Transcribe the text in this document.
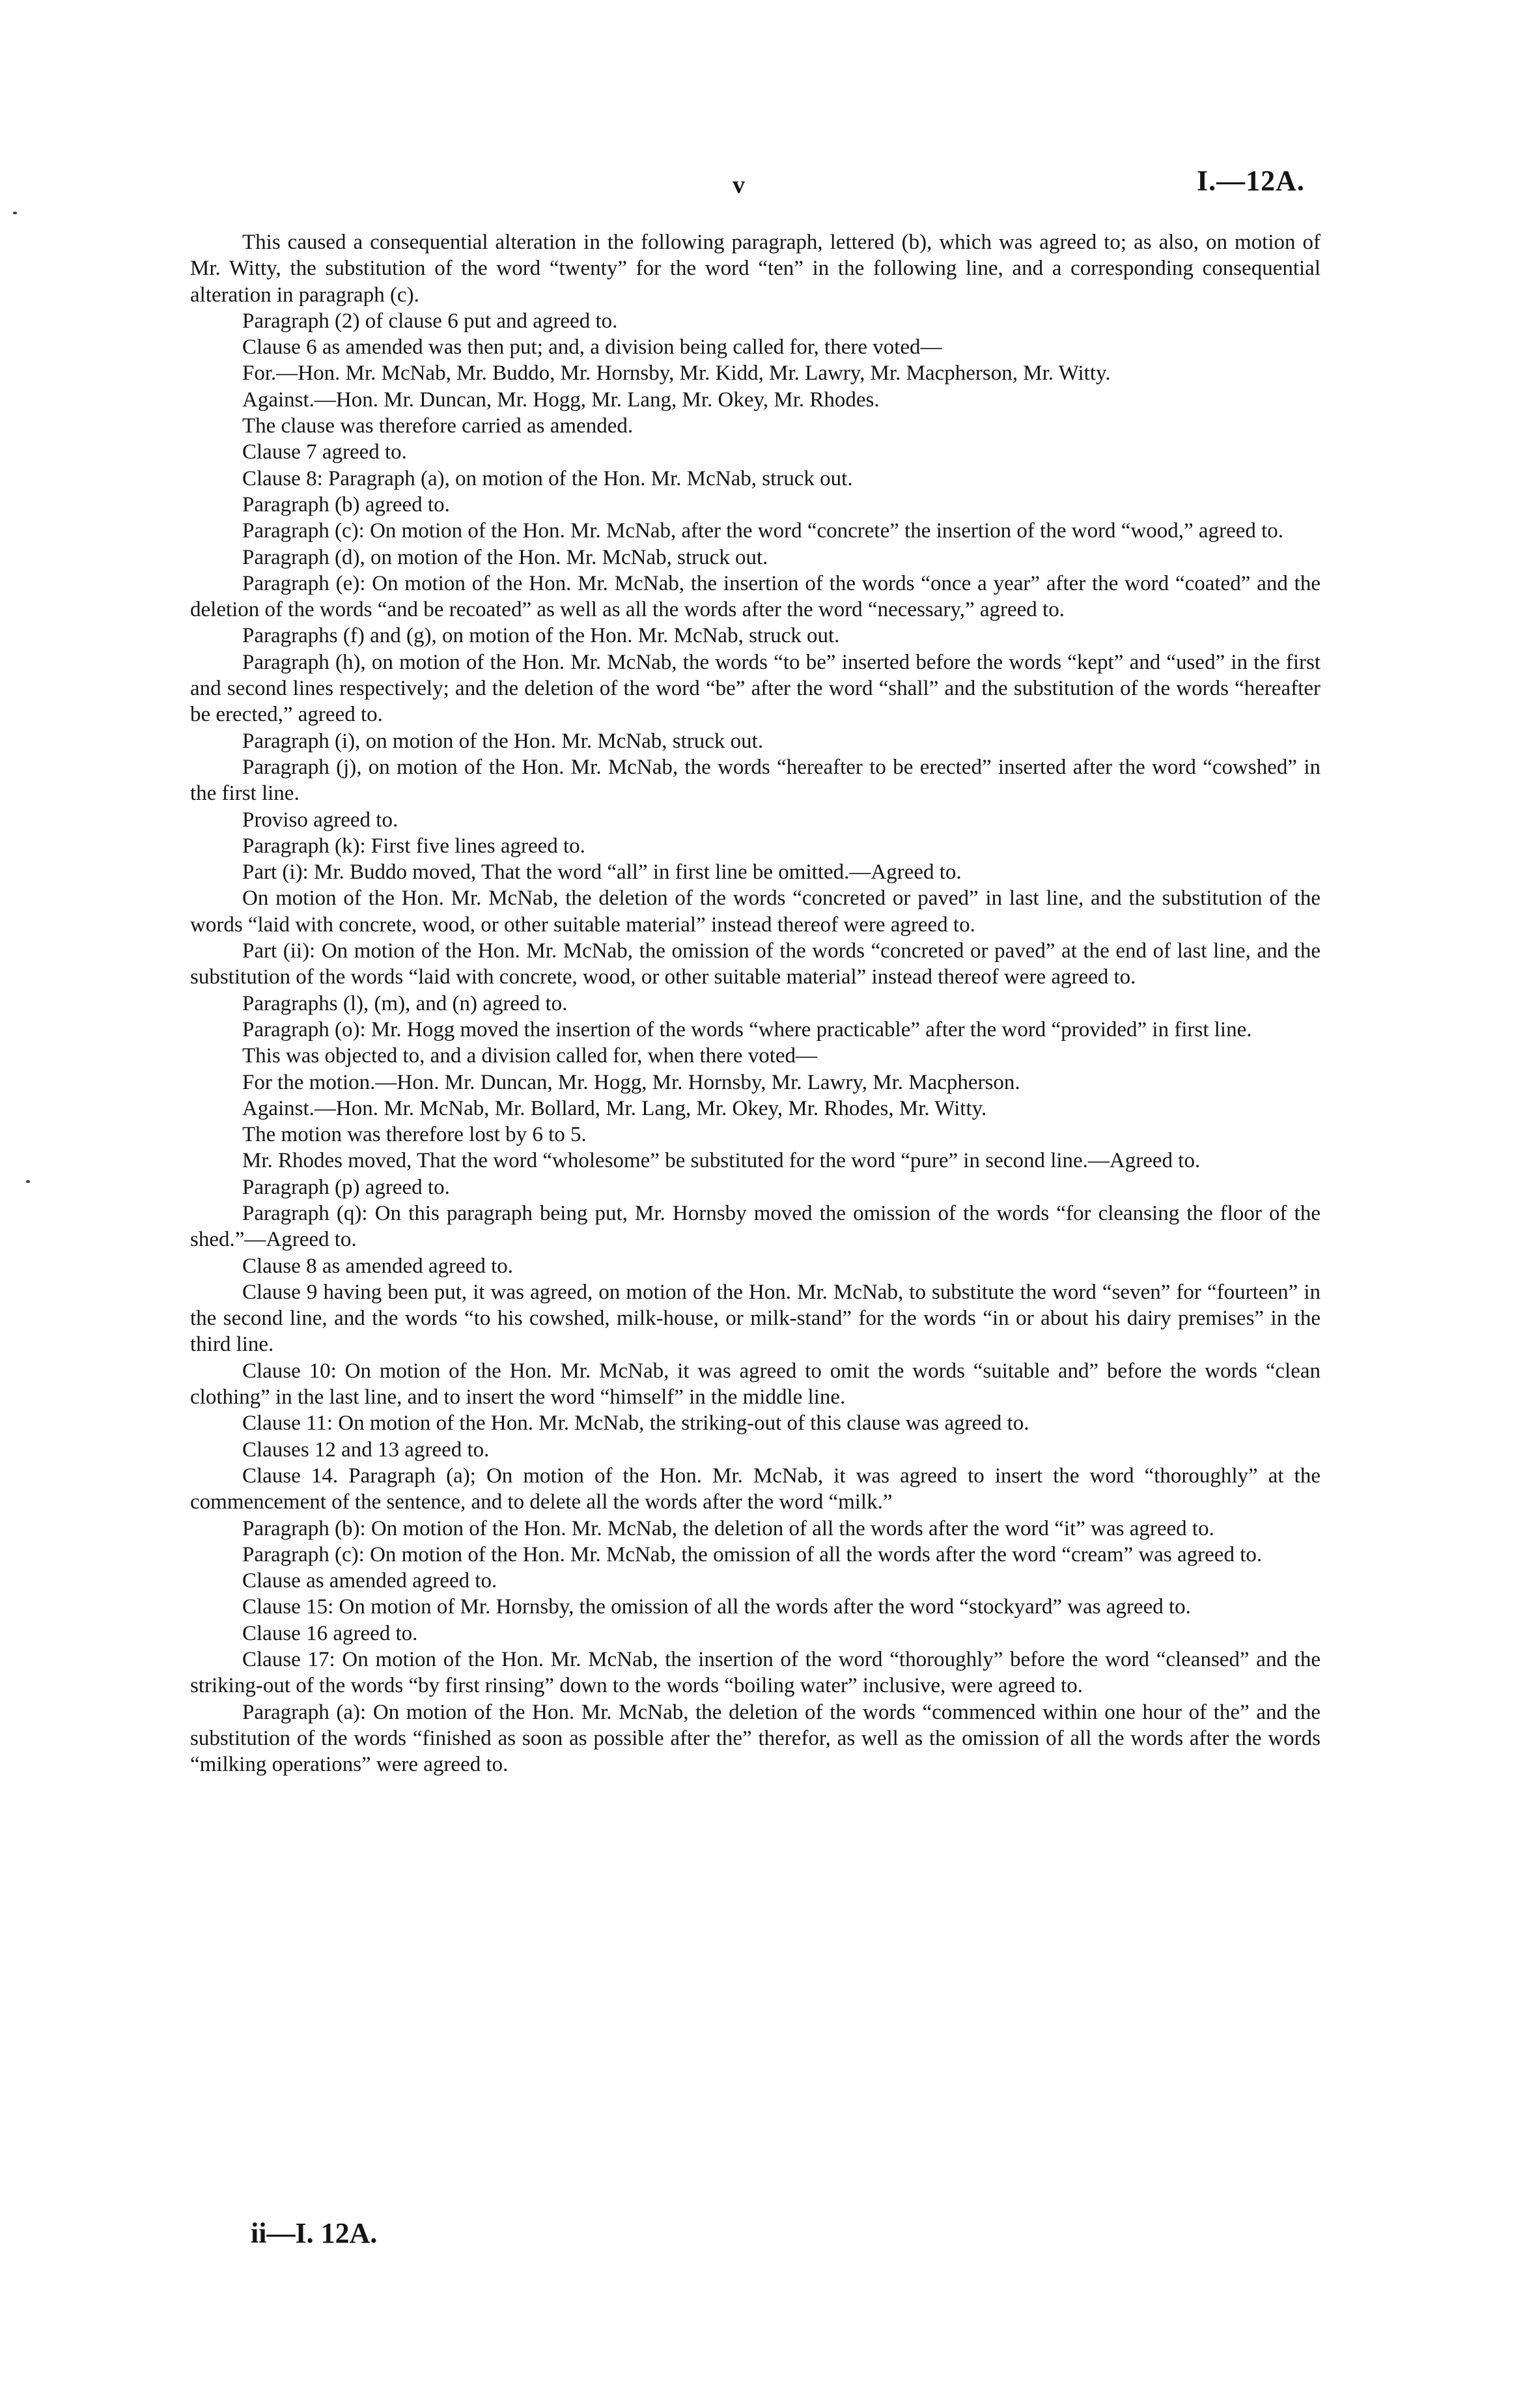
v	I.—12A.

This caused a consequential alteration in the following paragraph, lettered (b), which was agreed to; as also, on motion of Mr. Witty, the substitution of the word “twenty” for the word “ten” in the following line, and a corresponding consequential alteration in paragraph (c).

Paragraph (2) of clause 6 put and agreed to.

Clause 6 as amended was then put; and, a division being called for, there voted—

For.—Hon. Mr. McNab, Mr. Buddo, Mr. Hornsby, Mr. Kidd, Mr. Lawry, Mr. Macpherson, Mr. Witty.

Against.—Hon. Mr. Duncan, Mr. Hogg, Mr. Lang, Mr. Okey, Mr. Rhodes.

The clause was therefore carried as amended.

Clause 7 agreed to.

Clause 8: Paragraph (a), on motion of the Hon. Mr. McNab, struck out.

Paragraph (b) agreed to.

Paragraph (c): On motion of the Hon. Mr. McNab, after the word “concrete” the insertion of the word “wood,” agreed to.

Paragraph (d), on motion of the Hon. Mr. McNab, struck out.

Paragraph (e): On motion of the Hon. Mr. McNab, the insertion of the words “once a year” after the word “coated” and the deletion of the words “and be recoated” as well as all the words after the word “necessary,” agreed to.

Paragraphs (f) and (g), on motion of the Hon. Mr. McNab, struck out.

Paragraph (h), on motion of the Hon. Mr. McNab, the words “to be” inserted before the words “kept” and “used” in the first and second lines respectively; and the deletion of the word “be” after the word “shall” and the substitution of the words “hereafter be erected,” agreed to.

Paragraph (i), on motion of the Hon. Mr. McNab, struck out.

Paragraph (j), on motion of the Hon. Mr. McNab, the words “hereafter to be erected” inserted after the word “cowshed” in the first line.

Proviso agreed to.

Paragraph (k): First five lines agreed to.

Part (i): Mr. Buddo moved, That the word “all” in first line be omitted.—Agreed to.

On motion of the Hon. Mr. McNab, the deletion of the words “concreted or paved” in last line, and the substitution of the words “laid with concrete, wood, or other suitable material” instead thereof were agreed to.

Part (ii): On motion of the Hon. Mr. McNab, the omission of the words “concreted or paved” at the end of last line, and the substitution of the words “laid with concrete, wood, or other suitable material” instead thereof were agreed to.

Paragraphs (l), (m), and (n) agreed to.

Paragraph (o): Mr. Hogg moved the insertion of the words “where practicable” after the word “provided” in first line.

This was objected to, and a division called for, when there voted—

For the motion.—Hon. Mr. Duncan, Mr. Hogg, Mr. Hornsby, Mr. Lawry, Mr. Macpherson.

Against.—Hon. Mr. McNab, Mr. Bollard, Mr. Lang, Mr. Okey, Mr. Rhodes, Mr. Witty.

The motion was therefore lost by 6 to 5.

Mr. Rhodes moved, That the word “wholesome” be substituted for the word “pure” in second line.—Agreed to.

Paragraph (p) agreed to.

Paragraph (q): On this paragraph being put, Mr. Hornsby moved the omission of the words “for cleansing the floor of the shed.”—Agreed to.

Clause 8 as amended agreed to.

Clause 9 having been put, it was agreed, on motion of the Hon. Mr. McNab, to substitute the word “seven” for “fourteen” in the second line, and the words “to his cowshed, milk-house, or milk-stand” for the words “in or about his dairy premises” in the third line.

Clause 10: On motion of the Hon. Mr. McNab, it was agreed to omit the words “suitable and” before the words “clean clothing” in the last line, and to insert the word “himself” in the middle line.

Clause 11: On motion of the Hon. Mr. McNab, the striking-out of this clause was agreed to.

Clauses 12 and 13 agreed to.

Clause 14. Paragraph (a); On motion of the Hon. Mr. McNab, it was agreed to insert the word “thoroughly” at the commencement of the sentence, and to delete all the words after the word “milk.”

Paragraph (b): On motion of the Hon. Mr. McNab, the deletion of all the words after the word “it” was agreed to.

Paragraph (c): On motion of the Hon. Mr. McNab, the omission of all the words after the word “cream” was agreed to.

Clause as amended agreed to.

Clause 15: On motion of Mr. Hornsby, the omission of all the words after the word “stockyard” was agreed to.

Clause 16 agreed to.

Clause 17: On motion of the Hon. Mr. McNab, the insertion of the word “thoroughly” before the word “cleansed” and the striking-out of the words “by first rinsing” down to the words “boiling water” inclusive, were agreed to.

Paragraph (a): On motion of the Hon. Mr. McNab, the deletion of the words “commenced within one hour of the” and the substitution of the words “finished as soon as possible after the” therefor, as well as the omission of all the words after the words “milking operations” were agreed to.

ii—I. 12A.
